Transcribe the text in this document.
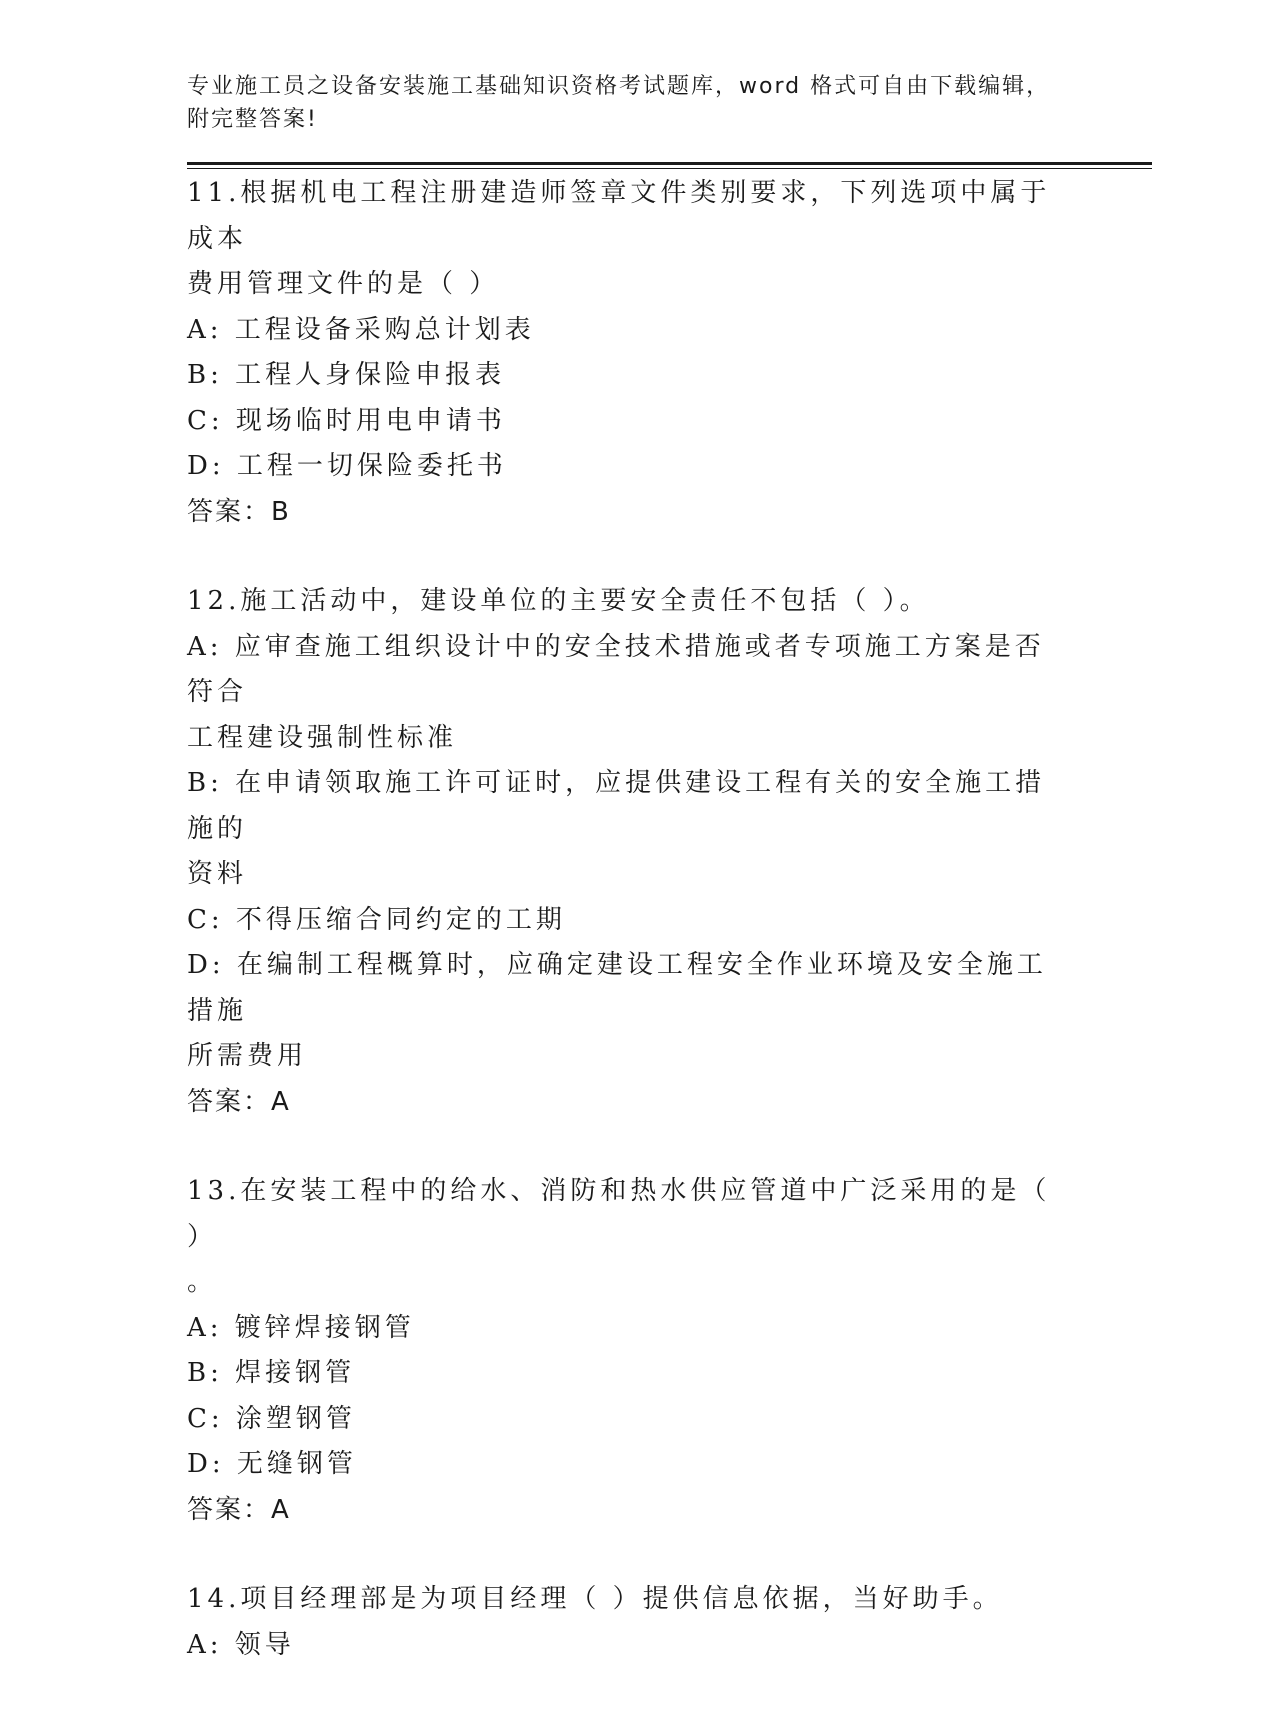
专业施工员之设备安装施工基础知识资格考试题库，word 格式可自由下载编辑，

附完整答案!

11.根据机电工程注册建造师签章文件类别要求，下列选项中属于成本

费用管理文件的是（ ）

A: 工程设备采购总计划表

B: 工程人身保险申报表

C: 现场临时用电申请书

D: 工程一切保险委托书

答案：B

12.施工活动中，建设单位的主要安全责任不包括（ ）。

A: 应审查施工组织设计中的安全技术措施或者专项施工方案是否符合

工程建设强制性标准

B: 在申请领取施工许可证时，应提供建设工程有关的安全施工措施的

资料

C: 不得压缩合同约定的工期

D: 在编制工程概算时，应确定建设工程安全作业环境及安全施工措施

所需费用

答案：A

13.在安装工程中的给水、消防和热水供应管道中广泛采用的是（ ）

。

A: 镀锌焊接钢管

B: 焊接钢管

C: 涂塑钢管

D: 无缝钢管

答案：A

14.项目经理部是为项目经理（ ）提供信息依据，当好助手。

A: 领导
